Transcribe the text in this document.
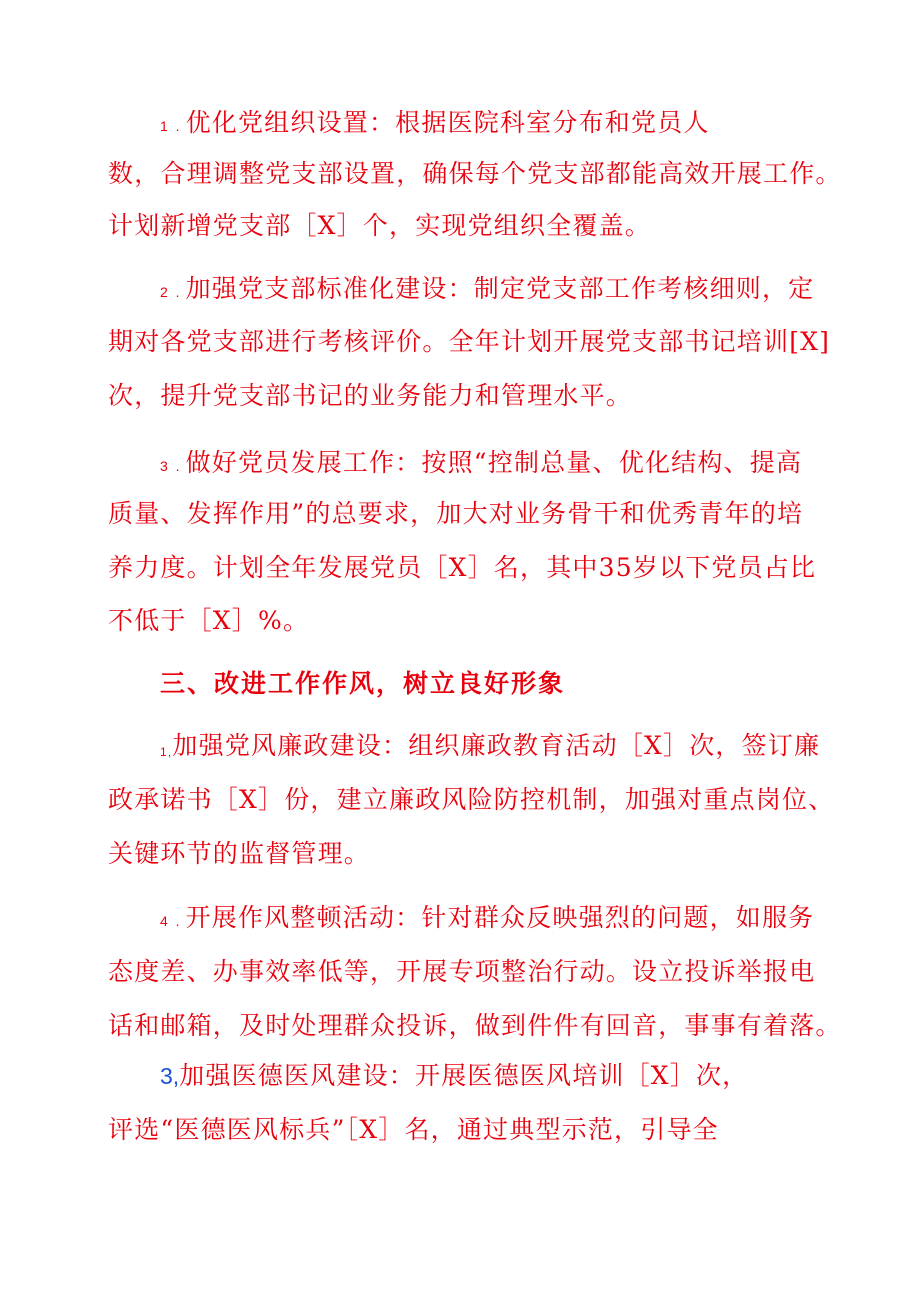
1 . 优化党组织设置：根据医院科室分布和党员人
数，合理调整党支部设置，确保每个党支部都能高效开展工作。
计划新增党支部［X］个，实现党组织全覆盖。
2 . 加强党支部标准化建设：制定党支部工作考核细则，定
期对各党支部进行考核评价。全年计划开展党支部书记培训[X]
次，提升党支部书记的业务能力和管理水平。
3 . 做好党员发展工作：按照“控制总量、优化结构、提高
质量、发挥作用”的总要求，加大对业务骨干和优秀青年的培
养力度。计划全年发展党员［X］名，其中35岁以下党员占比
不低于［X］%。
三、改进工作作风，树立良好形象
1,加强党风廉政建设：组织廉政教育活动［X］次，签订廉
政承诺书［X］份，建立廉政风险防控机制，加强对重点岗位、
关键环节的监督管理。
4 . 开展作风整顿活动：针对群众反映强烈的问题，如服务
态度差、办事效率低等，开展专项整治行动。设立投诉举报电
话和邮箱，及时处理群众投诉，做到件件有回音，事事有着落。
3,加强医德医风建设：开展医德医风培训［X］次，
评选“医德医风标兵”［X］名，通过典型示范，引导全
